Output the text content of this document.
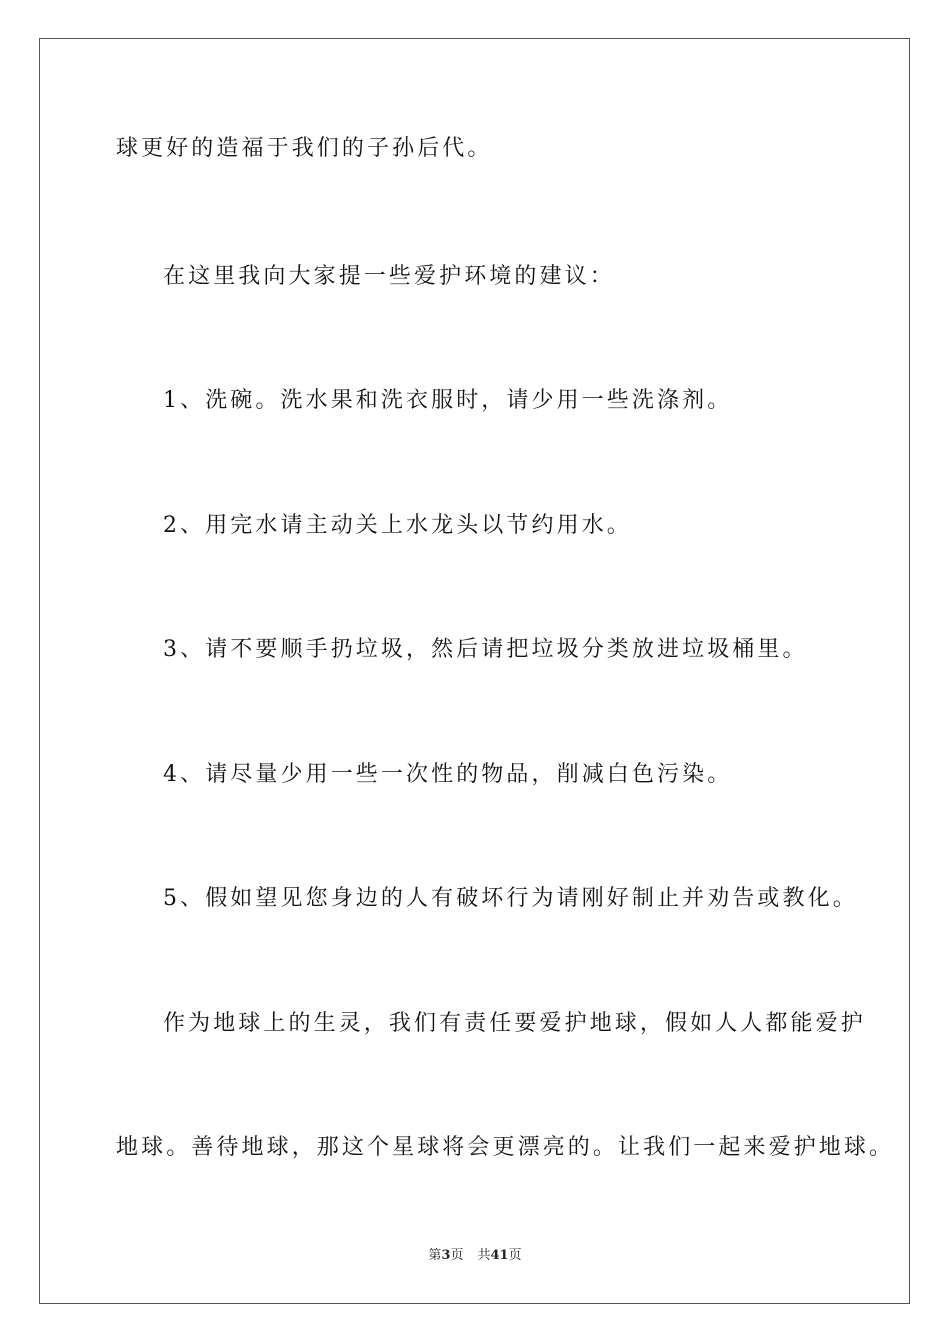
球更好的造福于我们的子孙后代。
在这里我向大家提一些爱护环境的建议：
1、洗碗。洗水果和洗衣服时，请少用一些洗涤剂。
2、用完水请主动关上水龙头以节约用水。
3、请不要顺手扔垃圾，然后请把垃圾分类放进垃圾桶里。
4、请尽量少用一些一次性的物品，削减白色污染。
5、假如望见您身边的人有破坏行为请刚好制止并劝告或教化。
作为地球上的生灵，我们有责任要爱护地球，假如人人都能爱护
地球。善待地球，那这个星球将会更漂亮的。让我们一起来爱护地球。
第3页 共41页
